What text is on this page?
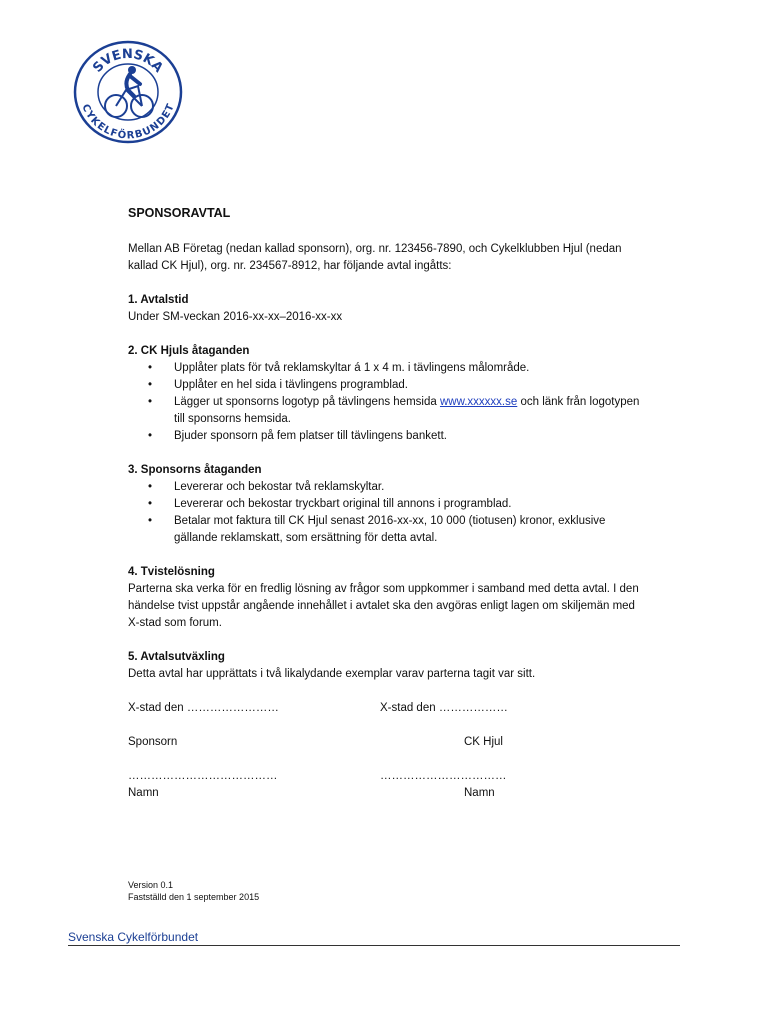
SVENSKA
CYKELFÖRBUNDET
SPONSORAVTAL

Mellan AB Företag (nedan kallad sponsorn), org. nr. 123456-7890, och Cykelklubben Hjul (nedan kallad CK Hjul), org. nr. 234567-8912, har följande avtal ingåtts:

1. Avtalstid

Under SM-veckan 2016-xx-xx–2016-xx-xx

2. CK Hjuls åtaganden

• Upplåter plats för två reklamskyltar á 1 x 4 m. i tävlingens målområde.
• Upplåter en hel sida i tävlingens programblad.
• Lägger ut sponsorns logotyp på tävlingens hemsida www.xxxxxx.se och länk från logotypen till sponsorns hemsida.
• Bjuder sponsorn på fem platser till tävlingens bankett.

3. Sponsorns åtaganden

• Levererar och bekostar två reklamskyltar.
• Levererar och bekostar tryckbart original till annons i programblad.
• Betalar mot faktura till CK Hjul senast 2016-xx-xx, 10 000 (tiotusen) kronor, exklusive gällande reklamskatt, som ersättning för detta avtal.

4. Tvistelösning

Parterna ska verka för en fredlig lösning av frågor som uppkommer i samband med detta avtal. I den händelse tvist uppstår angående innehållet i avtalet ska den avgöras enligt lagen om skiljemän med X-stad som forum.

5. Avtalsutväxling

Detta avtal har upprättats i två likalydande exemplar varav parterna tagit var sitt.

X-stad den ……………………	X-stad den ………………
Sponsorn	CK Hjul
…………………………………	……………………………
Namn	Namn
Version 0.1
Fastställd den 1 september 2015
Svenska Cykelförbundet
